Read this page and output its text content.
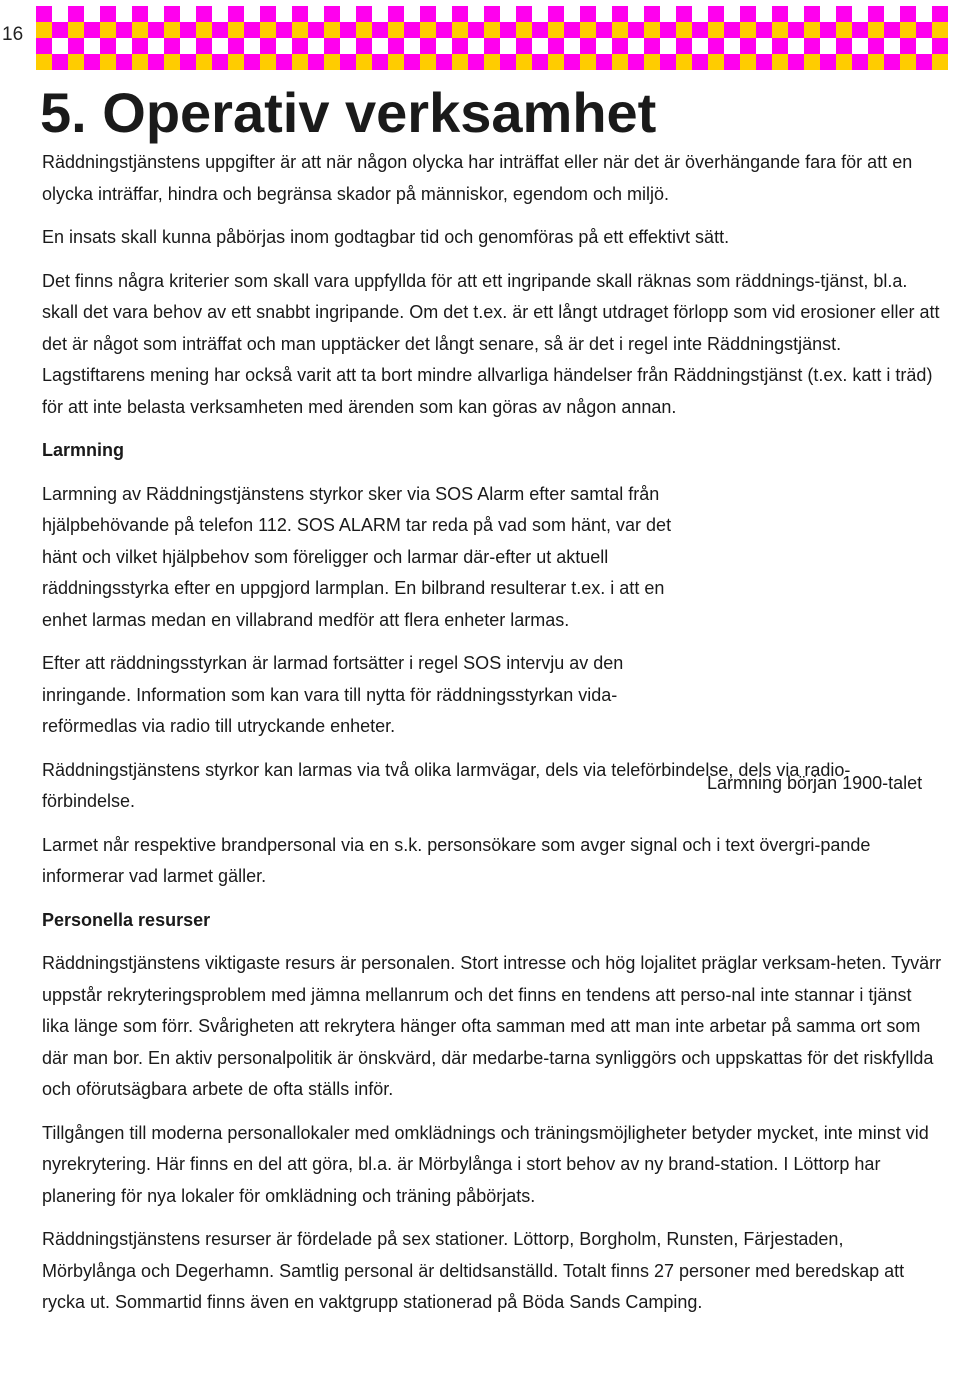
16
5. Operativ verksamhet

Räddningstjänstens uppgifter är att när någon olycka har inträffat eller när det är överhängande fara för att en olycka inträffar, hindra och begränsa skador på människor, egendom och miljö.

En insats skall kunna påbörjas inom godtagbar tid och genomföras på ett effektivt sätt.

Det finns några kriterier som skall vara uppfyllda för att ett ingripande skall räknas som räddnings-tjänst, bl.a. skall det vara behov av ett snabbt ingripande. Om det t.ex. är ett långt utdraget förlopp som vid erosioner eller att det är något som inträffat och man upptäcker det långt senare, så är det i regel inte Räddningstjänst. Lagstiftarens mening har också varit att ta bort mindre allvarliga händelser från Räddningstjänst (t.ex. katt i träd) för att inte belasta verksamheten med ärenden som kan göras av någon annan.

Larmning

Larmning av Räddningstjänstens styrkor sker via SOS Alarm efter samtal från hjälpbehövande på telefon 112. SOS ALARM tar reda på vad som hänt, var det hänt och vilket hjälpbehov som föreligger och larmar där-efter ut aktuell räddningsstyrka efter en uppgjord larmplan. En bilbrand resulterar t.ex. i att en enhet larmas medan en villabrand medför att flera enheter larmas.

Efter att räddningsstyrkan är larmad fortsätter i regel SOS intervju av den inringande. Information som kan vara till nytta för räddningsstyrkan vida-reförmedlas via radio till utryckande enheter.

Räddningstjänstens styrkor kan larmas via två olika larmvägar, dels via teleförbindelse, dels via radio-förbindelse.

Larmet når respektive brandpersonal via en s.k. personsökare som avger signal och i text övergri-pande informerar vad larmet gäller.

Personella resurser

Räddningstjänstens viktigaste resurs är personalen. Stort intresse och hög lojalitet präglar verksam-heten. Tyvärr uppstår rekryteringsproblem med jämna mellanrum och det finns en tendens att perso-nal inte stannar i tjänst lika länge som förr. Svårigheten att rekrytera hänger ofta samman med att man inte arbetar på samma ort som där man bor. En aktiv personalpolitik är önskvärd, där medarbe-tarna synliggörs och uppskattas för det riskfyllda och oförutsägbara arbete de ofta ställs inför.

Tillgången till moderna personallokaler med omklädnings och träningsmöjligheter betyder mycket, inte minst vid nyrekrytering. Här finns en del att göra, bl.a. är Mörbylånga i stort behov av ny brand-station. I Löttorp har planering för nya lokaler för omklädning och träning påbörjats.

Räddningstjänstens resurser är fördelade på sex stationer. Löttorp, Borgholm, Runsten, Färjestaden, Mörbylånga och Degerhamn. Samtlig personal är deltidsanställd. Totalt finns 27 personer med beredskap att rycka ut. Sommartid finns även en vaktgrupp stationerad på Böda Sands Camping.

Larmning början 1900-talet
